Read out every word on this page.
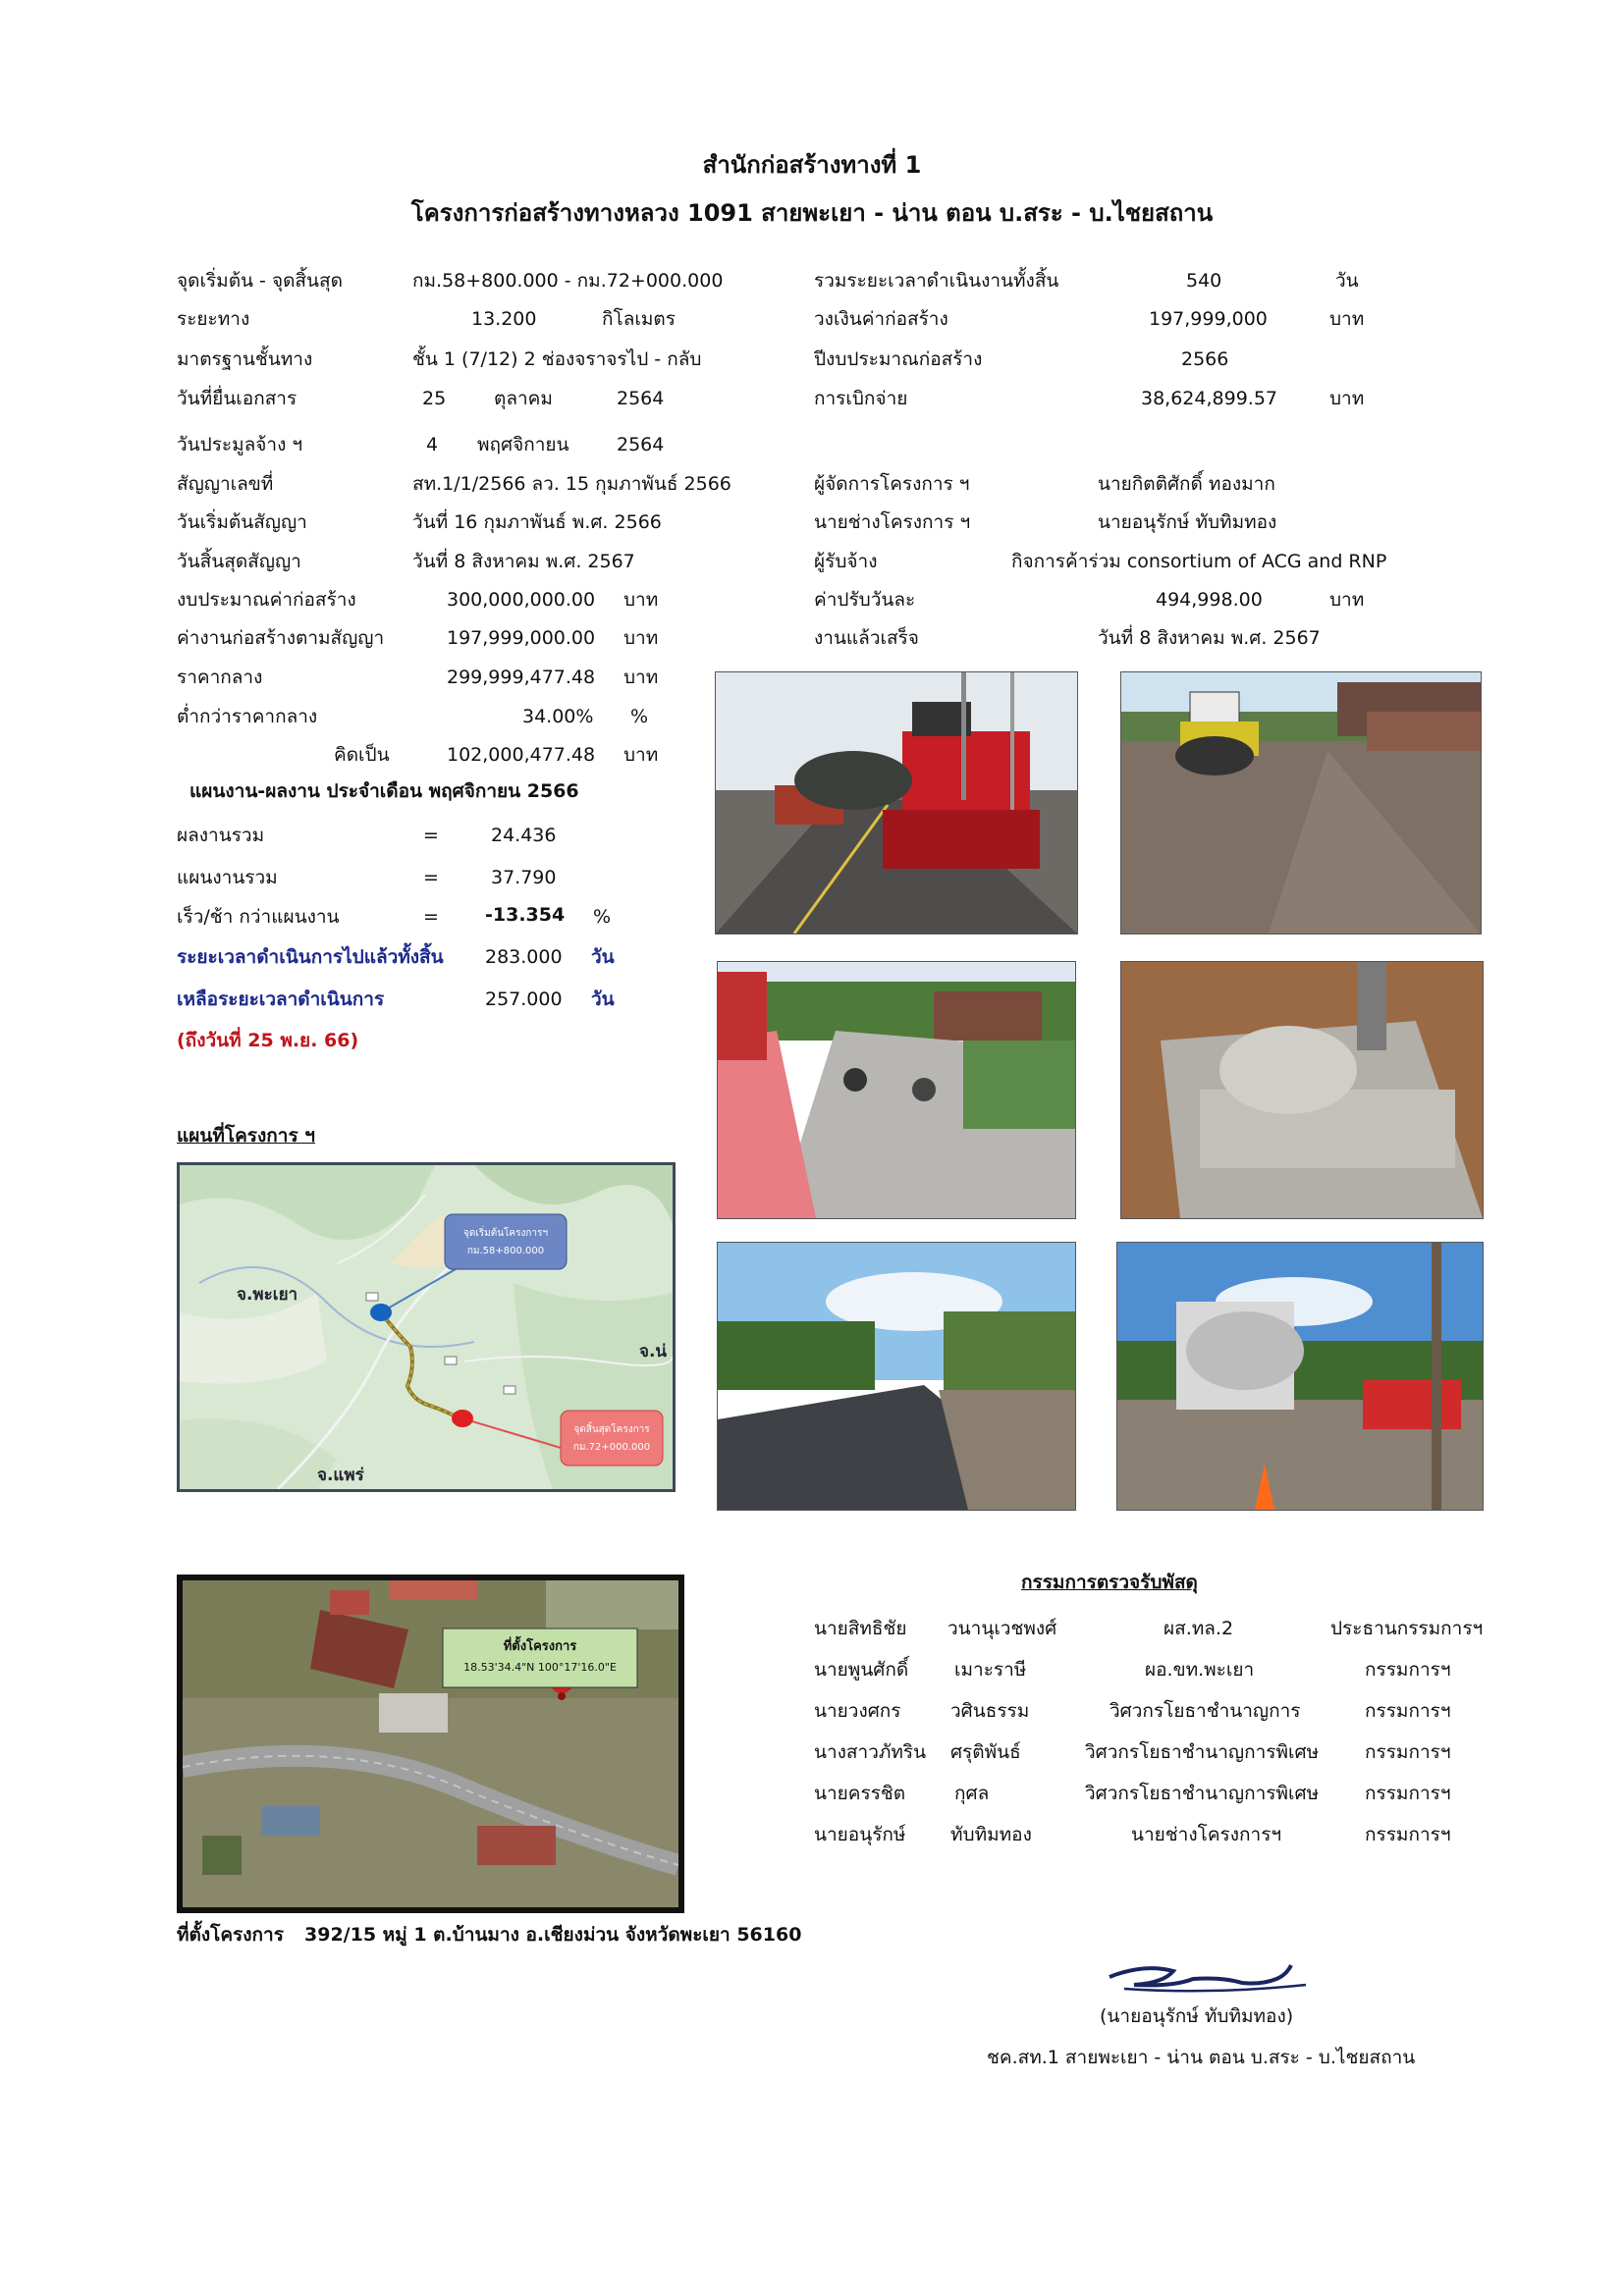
สำนักก่อสร้างทางที่ 1
โครงการก่อสร้างทางหลวง 1091 สายพะเยา - น่าน ตอน บ.สระ - บ.ไชยสถาน
จุดเริ่มต้น - จุดสิ้นสุด	กม.58+800.000 - กม.72+000.000
ระยะทาง	13.200	กิโลเมตร
มาตรฐานชั้นทาง	ชั้น 1 (7/12) 2 ช่องจราจรไป - กลับ
วันที่ยื่นเอกสาร	25	ตุลาคม	2564
วันประมูลจ้าง ฯ	4 พฤศจิกายน	2564
สัญญาเลขที่	สท.1/1/2566 ลว. 15 กุมภาพันธ์ 2566
วันเริ่มต้นสัญญา	วันที่ 16 กุมภาพันธ์ พ.ศ. 2566
วันสิ้นสุดสัญญา	วันที่ 8 สิงหาคม พ.ศ. 2567
งบประมาณค่าก่อสร้าง	300,000,000.00 บาท
ค่างานก่อสร้างตามสัญญา	197,999,000.00 บาท
ราคากลาง	299,999,477.48 บาท
ต่ำกว่าราคากลาง	34.00% %
คิดเป็น	102,000,477.48 บาท
รวมระยะเวลาดำเนินงานทั้งสิ้น	540	วัน
วงเงินค่าก่อสร้าง	197,999,000	บาท
ปีงบประมาณก่อสร้าง	2566
การเบิกจ่าย	38,624,899.57	บาท
ผู้จัดการโครงการ ฯ	นายกิตติศักดิ์ ทองมาก
นายช่างโครงการ ฯ	นายอนุรักษ์ ทับทิมทอง
ผู้รับจ้าง	กิจการค้าร่วม consortium of ACG and RNP
ค่าปรับวันละ	494,998.00	บาท
งานแล้วเสร็จ	วันที่ 8 สิงหาคม พ.ศ. 2567
แผนงาน-ผลงาน ประจำเดือน พฤศจิกายน 2566
ผลงานรวม	=	24.436
แผนงานรวม	=	37.790
เร็ว/ช้า กว่าแผนงาน	= -13.354 %
ระยะเวลาดำเนินการไปแล้วทั้งสิ้น 283.000 วัน
เหลือระยะเวลาดำเนินการ	257.000 วัน
(ถึงวันที่ 25 พ.ย. 66)
แผนที่โครงการ ฯ
จ.พะเยา
จ.น่
จ.แพร่
จุดเริ่มต้นโครงการฯ
กม.58+800.000
จุดสิ้นสุดโครงการ
กม.72+000.000
ที่ตั้งโครงการ
18.53'34.4"N 100°17'16.0"E
ที่ตั้งโครงการ 392/15 หมู่ 1 ต.บ้านมาง อ.เชียงม่วน จังหวัดพะเยา 56160
กรรมการตรวจรับพัสดุ
นายสิทธิชัย วนานุเวชพงศ์	ผส.ทล.2	ประธานกรรมการฯ
นายพูนศักดิ์ เมาะราษี	ผอ.ขท.พะเยา	กรรมการฯ
นายวงศกร	วศินธรรม	วิศวกรโยธาชำนาญการ	กรรมการฯ
นางสาวภัทริน ศรุติพันธ์	วิศวกรโยธาชำนาญการพิเศษ กรรมการฯ
นายครรชิต	กุศล	วิศวกรโยธาชำนาญการพิเศษ กรรมการฯ
นายอนุรักษ์ ทับทิมทอง	นายช่างโครงการฯ	กรรมการฯ
(นายอนุรักษ์ ทับทิมทอง)
ชค.สท.1 สายพะเยา - น่าน ตอน บ.สระ - บ.ไชยสถาน
